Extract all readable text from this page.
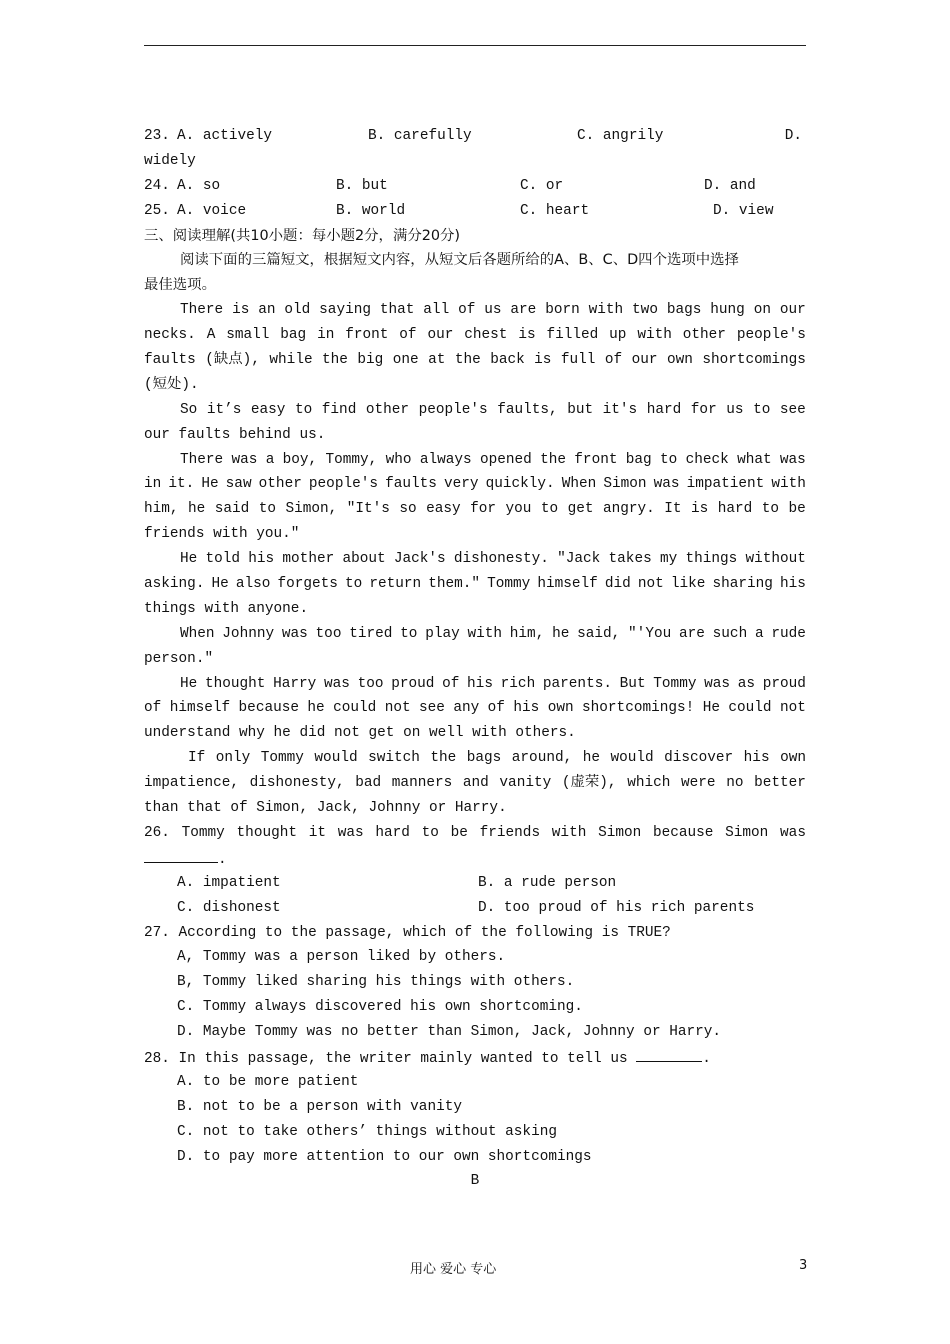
23. A. actively	B. carefully	C. angrily	D.
widely
24. A. so	B. but	C. or	D. and
25. A. voice	B. world	C. heart	D. view
三、阅读理解(共10小题：每小题2分，满分20分)
阅读下面的三篇短文，根据短文内容，从短文后各题所给的A、B、C、D四个选项中选择
最佳选项。
There is an old saying that all of us are born with two bags hung on our
necks. A small bag in front of our chest is filled up with other people's
faults (缺点), while the big one at the back is full of our own shortcomings
(短处).
So it’s easy to find other people's faults, but it's hard for us to see
our faults behind us.
There was a boy, Tommy, who always opened the front bag to check what was
in it. He saw other people's faults very quickly. When Simon was impatient with
him, he said to Simon, "It's so easy for you to get angry. It is hard to be
friends with you."
He told his mother about Jack's dishonesty. "Jack takes my things without
asking. He also forgets to return them." Tommy himself did not like sharing his
things with anyone.
When Johnny was too tired to play with him, he said, "'You are such a rude
person."
He thought Harry was too proud of his rich parents. But Tommy was as proud
of himself because he could not see any of his own shortcomings! He could not
understand why he did not get on well with others.
If only Tommy would switch the bags around, he would discover his own
impatience, dishonesty, bad manners and vanity (虚荣), which were no better
than that of Simon, Jack, Johnny or Harry.
26. Tommy thought it was hard to be friends with Simon because Simon was
.
A. impatient	B. a rude person
C. dishonest	D. too proud of his rich parents
27. According to the passage, which of the following is TRUE?
A, Tommy was a person liked by others.
B, Tommy liked sharing his things with others.
C. Tommy always discovered his own shortcoming.
D. Maybe Tommy was no better than Simon, Jack, Johnny or Harry.
28. In this passage, the writer mainly wanted to tell us	.
A. to be more patient
B. not to be a person with vanity
C. not to take others’ things without asking
D. to pay more attention to our own shortcomings
B
用心 爱心 专心	3
